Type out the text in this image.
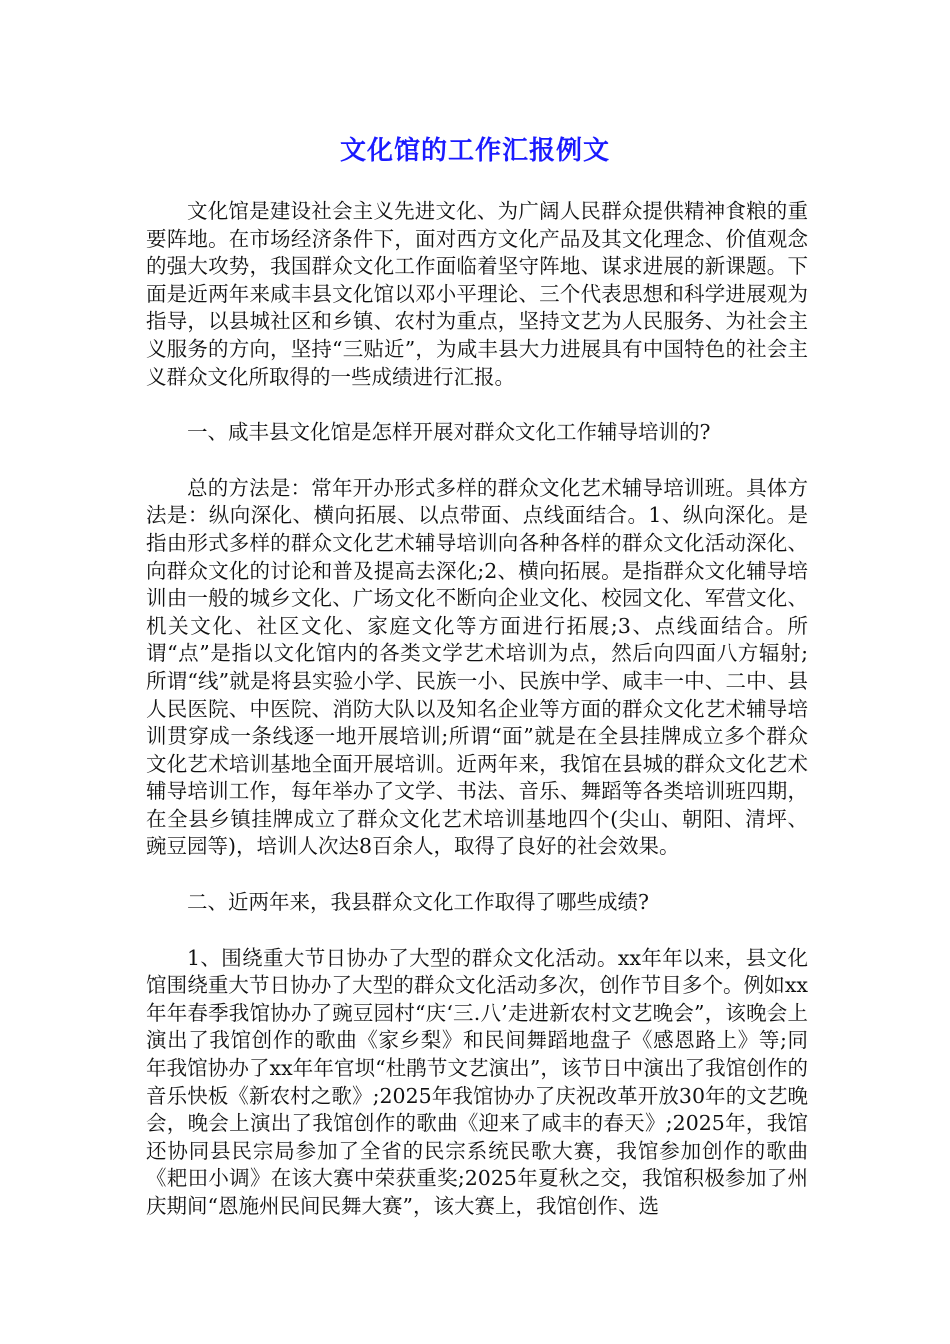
文化馆的工作汇报例文

文化馆是建设社会主义先进文化、为广阔人民群众提供精神食粮的重要阵地。在市场经济条件下，面对西方文化产品及其文化理念、价值观念的强大攻势，我国群众文化工作面临着坚守阵地、谋求进展的新课题。下面是近两年来咸丰县文化馆以邓小平理论、三个代表思想和科学进展观为指导，以县城社区和乡镇、农村为重点，坚持文艺为人民服务、为社会主义服务的方向，坚持“三贴近”，为咸丰县大力进展具有中国特色的社会主义群众文化所取得的一些成绩进行汇报。

一、咸丰县文化馆是怎样开展对群众文化工作辅导培训的?

总的方法是：常年开办形式多样的群众文化艺术辅导培训班。具体方法是：纵向深化、横向拓展、以点带面、点线面结合。1、纵向深化。是指由形式多样的群众文化艺术辅导培训向各种各样的群众文化活动深化、向群众文化的讨论和普及提高去深化;2、横向拓展。是指群众文化辅导培训由一般的城乡文化、广场文化不断向企业文化、校园文化、军营文化、机关文化、社区文化、家庭文化等方面进行拓展;3、点线面结合。所谓“点”是指以文化馆内的各类文学艺术培训为点，然后向四面八方辐射;所谓“线”就是将县实验小学、民族一小、民族中学、咸丰一中、二中、县人民医院、中医院、消防大队以及知名企业等方面的群众文化艺术辅导培训贯穿成一条线逐一地开展培训;所谓“面”就是在全县挂牌成立多个群众文化艺术培训基地全面开展培训。近两年来，我馆在县城的群众文化艺术辅导培训工作，每年举办了文学、书法、音乐、舞蹈等各类培训班四期，在全县乡镇挂牌成立了群众文化艺术培训基地四个(尖山、朝阳、清坪、豌豆园等)，培训人次达8百余人，取得了良好的社会效果。

二、近两年来，我县群众文化工作取得了哪些成绩?

1、围绕重大节日协办了大型的群众文化活动。xx年年以来，县文化馆围绕重大节日协办了大型的群众文化活动多次，创作节目多个。例如xx年年春季我馆协办了豌豆园村“庆‘三.八’走进新农村文艺晚会”，该晚会上演出了我馆创作的歌曲《家乡梨》和民间舞蹈地盘子《感恩路上》等;同年我馆协办了xx年年官坝“杜鹃节文艺演出”，该节日中演出了我馆创作的音乐快板《新农村之歌》;2025年我馆协办了庆祝改革开放30年的文艺晚会，晚会上演出了我馆创作的歌曲《迎来了咸丰的春天》;2025年，我馆还协同县民宗局参加了全省的民宗系统民歌大赛，我馆参加创作的歌曲《耙田小调》在该大赛中荣获重奖;2025年夏秋之交，我馆积极参加了州庆期间“恩施州民间民舞大赛”，该大赛上，我馆创作、选
